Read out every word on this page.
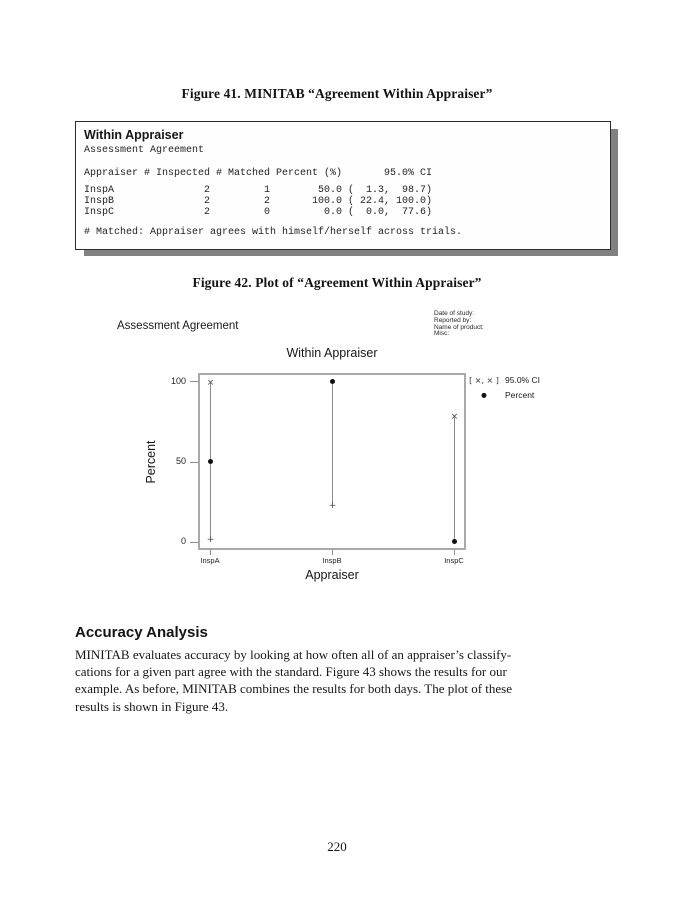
Figure 41. MINITAB “Agreement Within Appraiser”
Within Appraiser
Assessment Agreement
Appraiser	# Inspected	# Matched	Percent (%)	95.0% CI
InspA	2	1	50.0	(  1.3,  98.7)
InspB	2	2	100.0	( 22.4, 100.0)
InspC	2	0	0.0	(  0.0,  77.6)
# Matched: Appraiser agrees with himself/herself across trials.
Figure 42. Plot of “Agreement Within Appraiser”
Assessment Agreement
Date of study:
Reported by:
Name of product:
Misc:
Within Appraiser
Percent
Appraiser
[ ×, × ] 95.0% CI
●	Percent
100
50
0
InspA
×
+
InspB
+
InspC
×
Accuracy Analysis
MINITAB evaluates accuracy by looking at how often all of an appraiser’s classify-
cations for a given part agree with the standard. Figure 43 shows the results for our
example. As before, MINITAB combines the results for both days. The plot of these
results is shown in Figure 43.
220
